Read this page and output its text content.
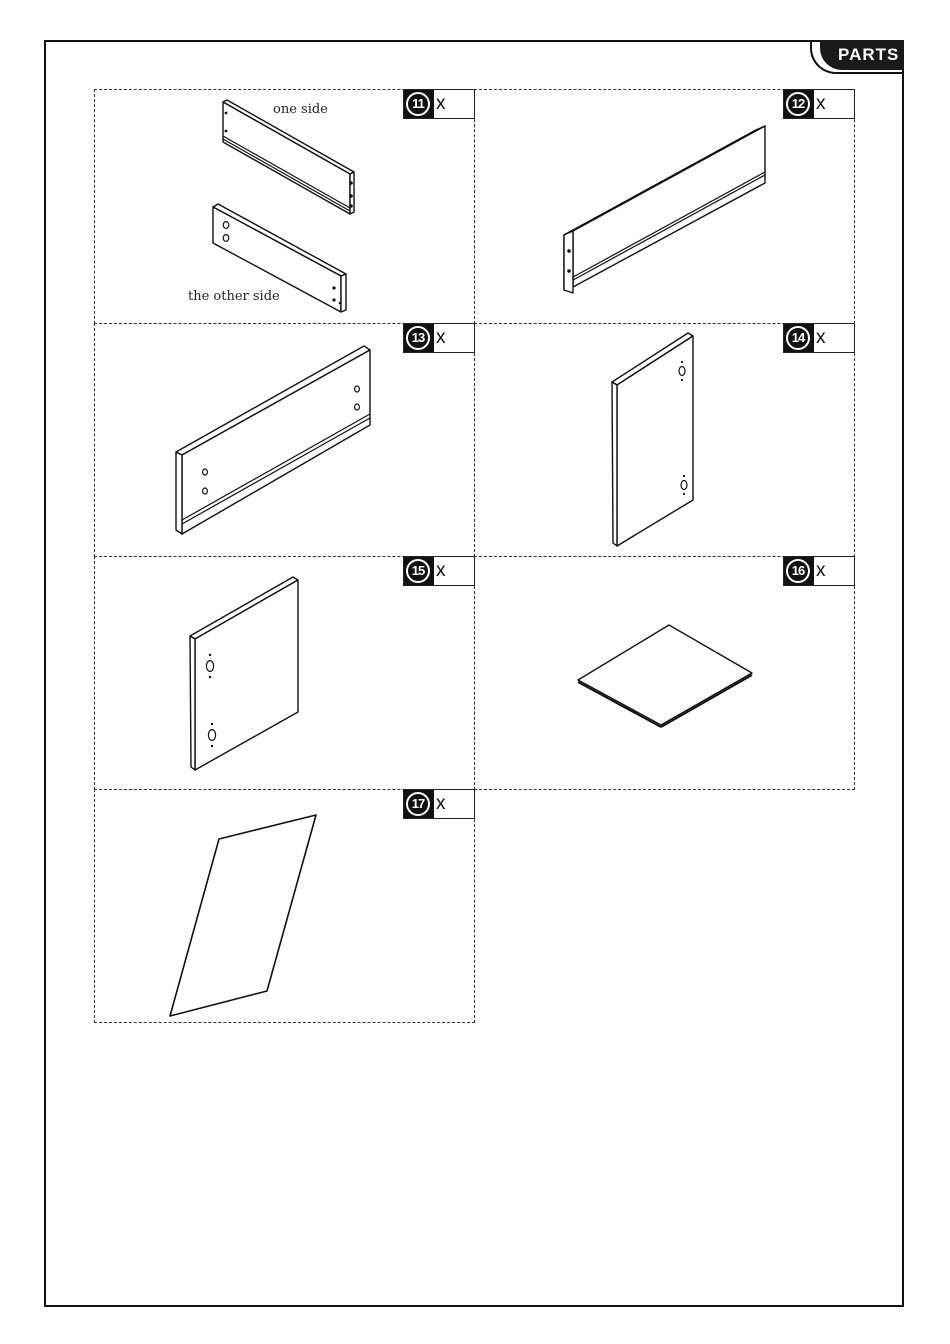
PARTS
11 x	12 x
13 x	14 x
15 x	16 x
17 x
one side
the other side
